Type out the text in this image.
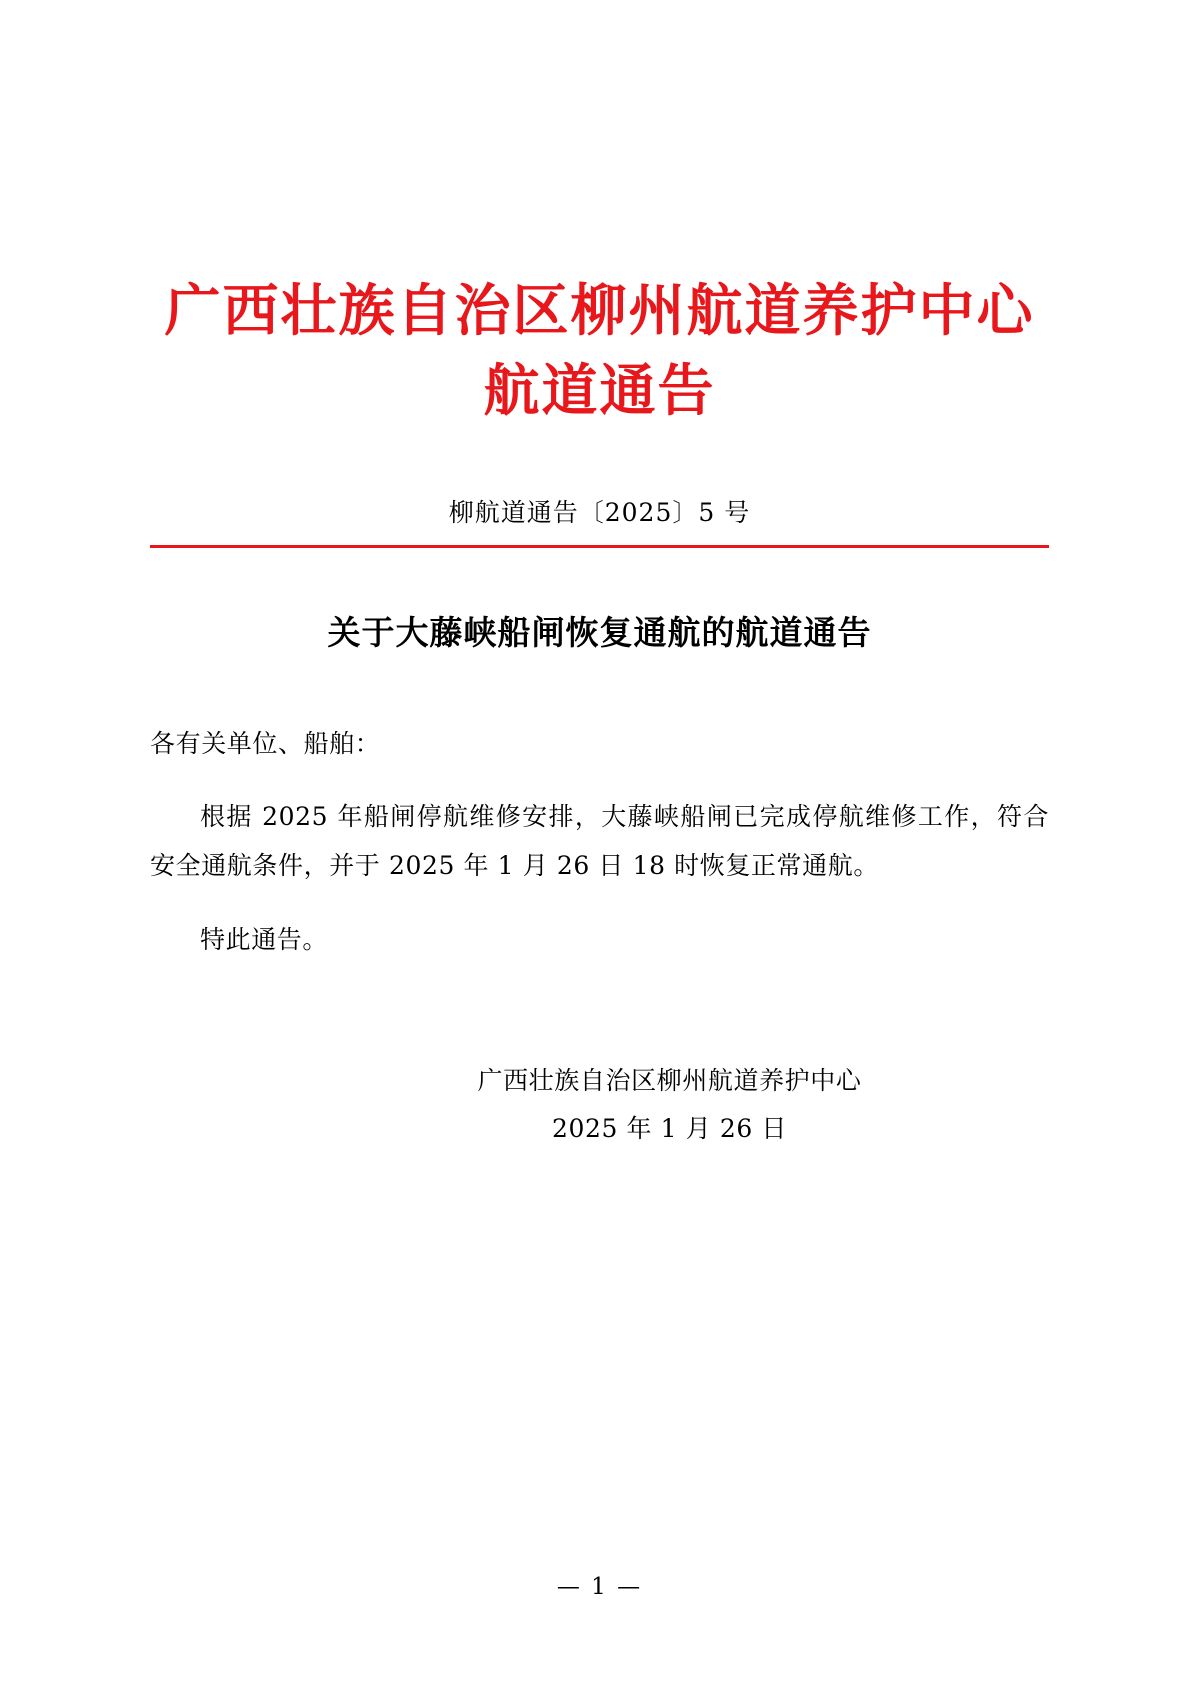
广西壮族自治区柳州航道养护中心
航道通告
柳航道通告〔2025〕5 号
关于大藤峡船闸恢复通航的航道通告

各有关单位、船舶：

根据 2025 年船闸停航维修安排，大藤峡船闸已完成停航维修工作，符合安全通航条件，并于 2025 年 1 月 26 日 18 时恢复正常通航。

特此通告。

广西壮族自治区柳州航道养护中心
2025 年 1 月 26 日
— 1 —
